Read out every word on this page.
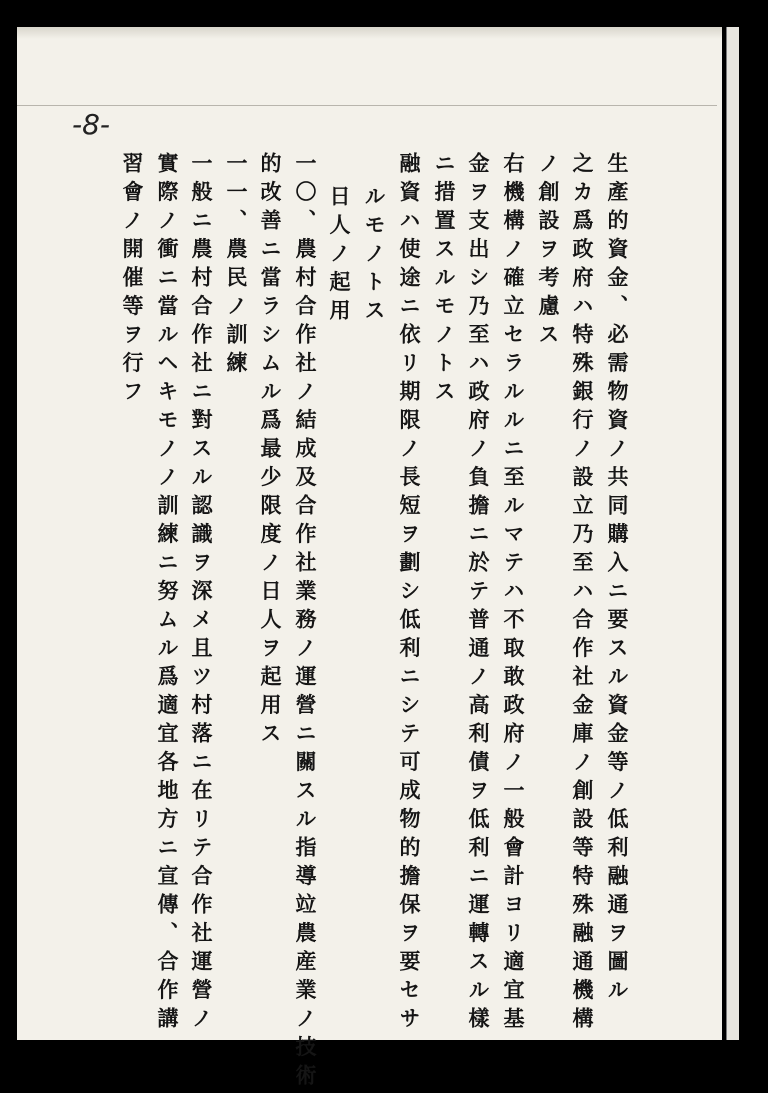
-8-
生產的資金、必需物資ノ共同購入ニ要スル資金等ノ低利融通ヲ圖ル
之カ爲政府ハ特殊銀行ノ設立乃至ハ合作社金庫ノ創設等特殊融通機構
ノ創設ヲ考慮ス
右機構ノ確立セラルルニ至ルマテハ不取敢政府ノ一般會計ヨリ適宜基
金ヲ支出シ乃至ハ政府ノ負擔ニ於テ普通ノ高利債ヲ低利ニ運轉スル樣
ニ措置スルモノトス
融資ハ使途ニ依リ期限ノ長短ヲ劃シ低利ニシテ可成物的擔保ヲ要セサ
ルモノトス
日人ノ起用
一〇、農村合作社ノ結成及合作社業務ノ運營ニ關スル指導竝農産業ノ技術
的改善ニ當ラシムル爲最少限度ノ日人ヲ起用ス
一一、農民ノ訓練
一般ニ農村合作社ニ對スル認識ヲ深メ且ツ村落ニ在リテ合作社運營ノ
實際ノ衝ニ當ルヘキモノノ訓練ニ努ムル爲適宜各地方ニ宣傳、合作講
習會ノ開催等ヲ行フ
